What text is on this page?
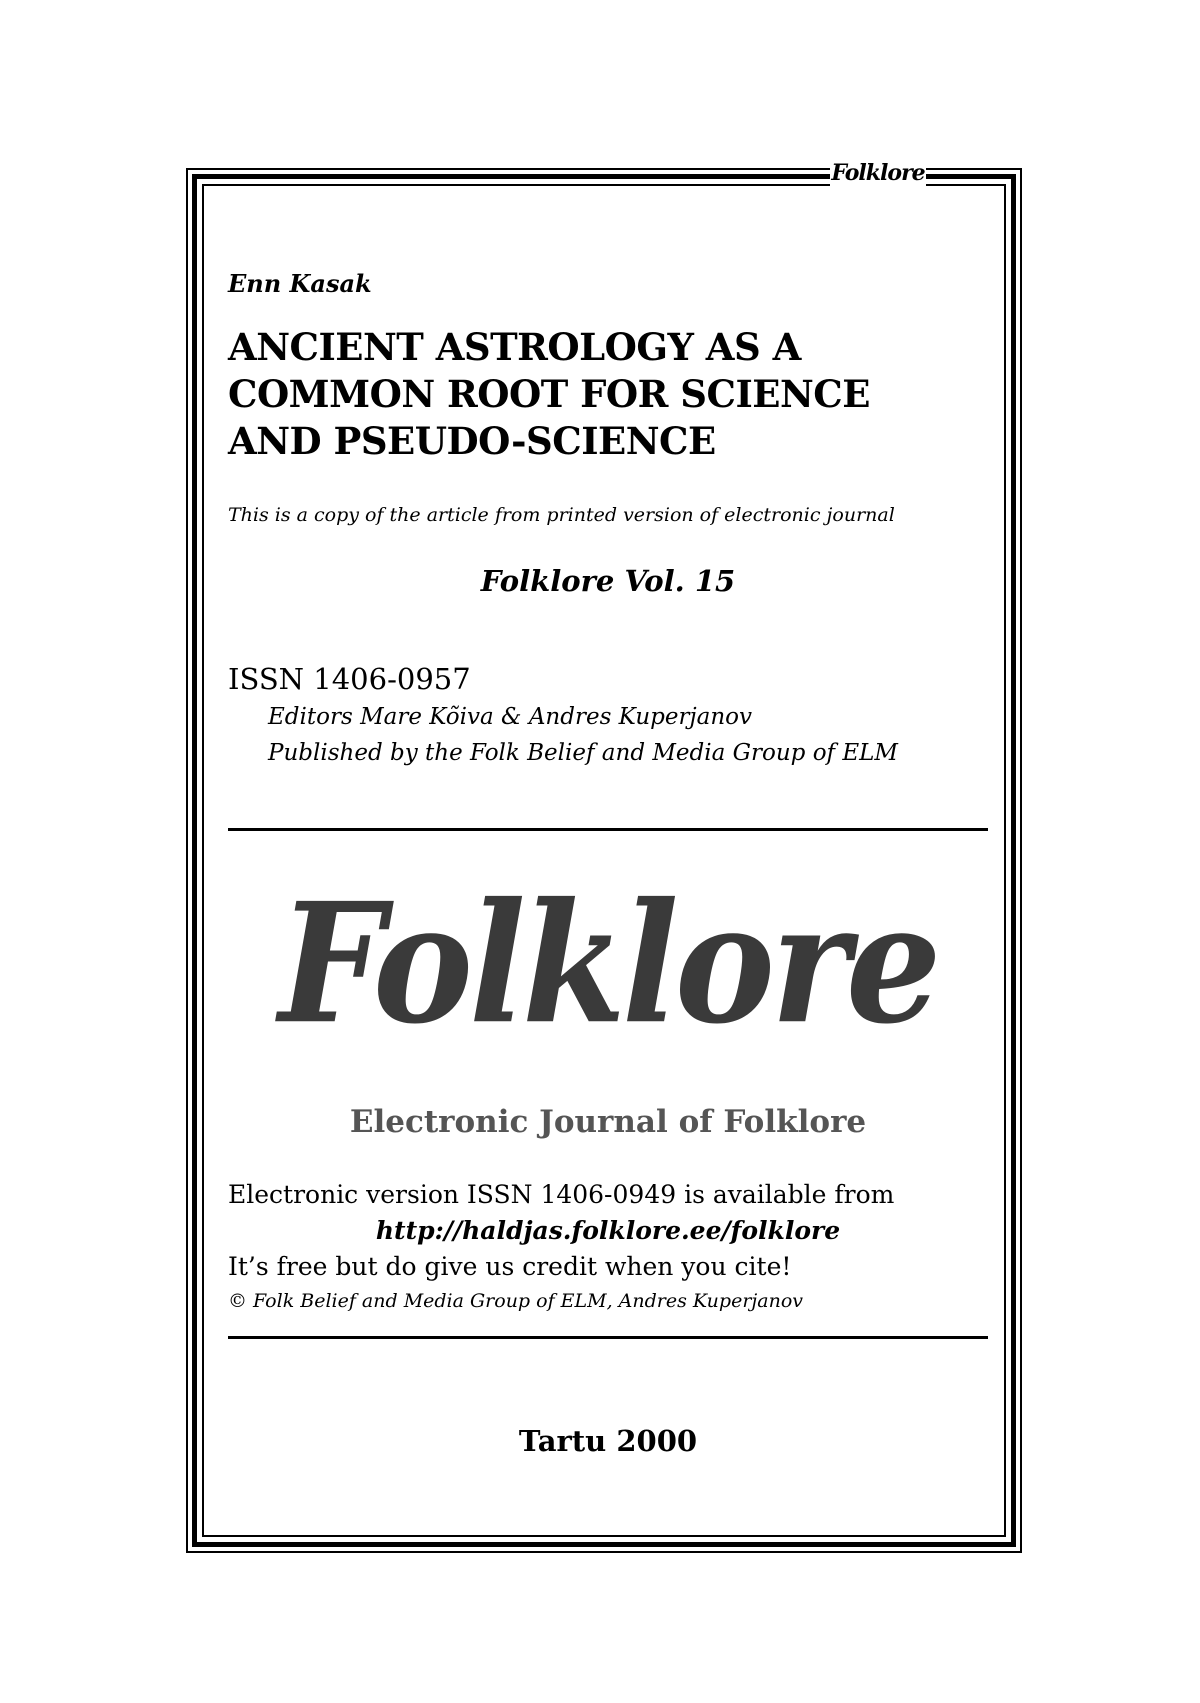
Folklore
Enn Kasak
ANCIENT ASTROLOGY AS A
COMMON ROOT FOR SCIENCE
AND PSEUDO-SCIENCE
This is a copy of the article from printed version of electronic journal
Folklore Vol. 15
ISSN 1406-0957
Editors Mare Kõiva & Andres Kuperjanov
Published by the Folk Belief and Media Group of ELM
Folklore
Electronic Journal of Folklore
Electronic version ISSN 1406-0949 is available from
http://haldjas.folklore.ee/folklore
It’s free but do give us credit when you cite!
© Folk Belief and Media Group of ELM, Andres Kuperjanov
Tartu 2000
